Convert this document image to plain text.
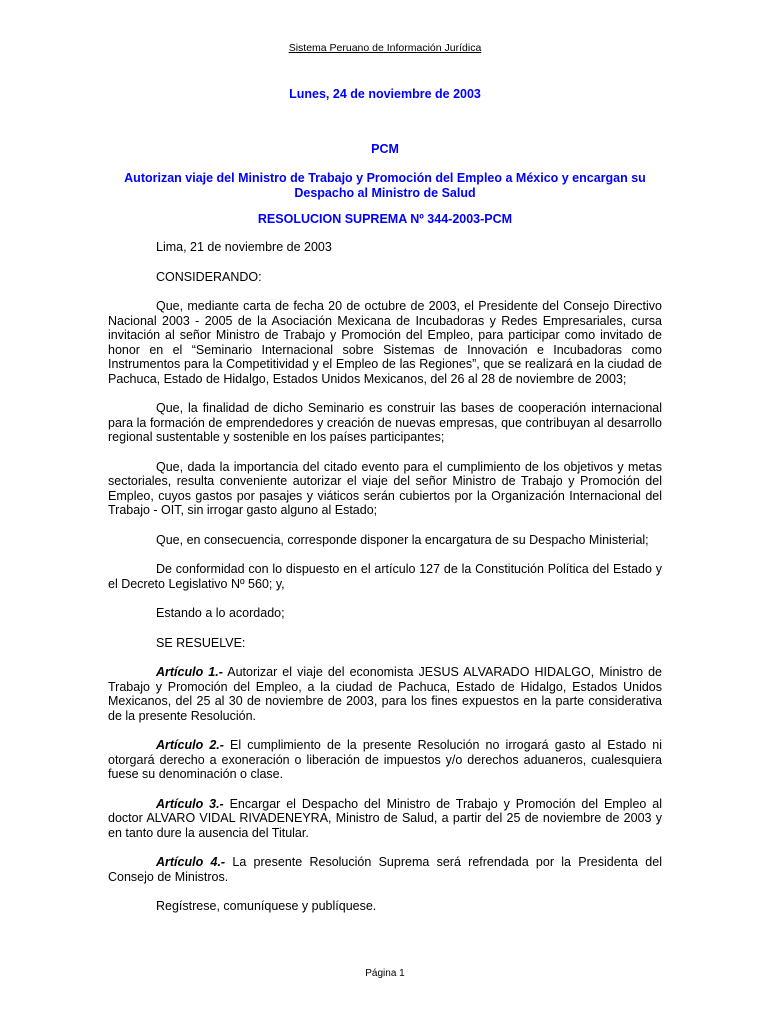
Sistema Peruano de Información Jurídica
Lunes, 24 de noviembre de 2003
PCM
Autorizan viaje del Ministro de Trabajo y Promoción del Empleo a México y encargan su Despacho al Ministro de Salud
RESOLUCION SUPREMA Nº 344-2003-PCM

Lima, 21 de noviembre de 2003

CONSIDERANDO:

Que, mediante carta de fecha 20 de octubre de 2003, el Presidente del Consejo Directivo Nacional 2003 - 2005 de la Asociación Mexicana de Incubadoras y Redes Empresariales, cursa invitación al señor Ministro de Trabajo y Promoción del Empleo, para participar como invitado de honor en el “Seminario Internacional sobre Sistemas de Innovación e Incubadoras como Instrumentos para la Competitividad y el Empleo de las Regiones”, que se realizará en la ciudad de Pachuca, Estado de Hidalgo, Estados Unidos Mexicanos, del 26 al 28 de noviembre de 2003;

Que, la finalidad de dicho Seminario es construir las bases de cooperación internacional para la formación de emprendedores y creación de nuevas empresas, que contribuyan al desarrollo regional sustentable y sostenible en los países participantes;

Que, dada la importancia del citado evento para el cumplimiento de los objetivos y metas sectoriales, resulta conveniente autorizar el viaje del señor Ministro de Trabajo y Promoción del Empleo, cuyos gastos por pasajes y viáticos serán cubiertos por la Organización Internacional del Trabajo - OIT, sin irrogar gasto alguno al Estado;

Que, en consecuencia, corresponde disponer la encargatura de su Despacho Ministerial;

De conformidad con lo dispuesto en el artículo 127 de la Constitución Política del Estado y el Decreto Legislativo Nº 560; y,

Estando a lo acordado;

SE RESUELVE:

Artículo 1.- Autorizar el viaje del economista JESUS ALVARADO HIDALGO, Ministro de Trabajo y Promoción del Empleo, a la ciudad de Pachuca, Estado de Hidalgo, Estados Unidos Mexicanos, del 25 al 30 de noviembre de 2003, para los fines expuestos en la parte considerativa de la presente Resolución.

Artículo 2.- El cumplimiento de la presente Resolución no irrogará gasto al Estado ni otorgará derecho a exoneración o liberación de impuestos y/o derechos aduaneros, cualesquiera fuese su denominación o clase.

Artículo 3.- Encargar el Despacho del Ministro de Trabajo y Promoción del Empleo al doctor ALVARO VIDAL RIVADENEYRA, Ministro de Salud, a partir del 25 de noviembre de 2003 y en tanto dure la ausencia del Titular.

Artículo 4.- La presente Resolución Suprema será refrendada por la Presidenta del Consejo de Ministros.

Regístrese, comuníquese y publíquese.

Página 1
